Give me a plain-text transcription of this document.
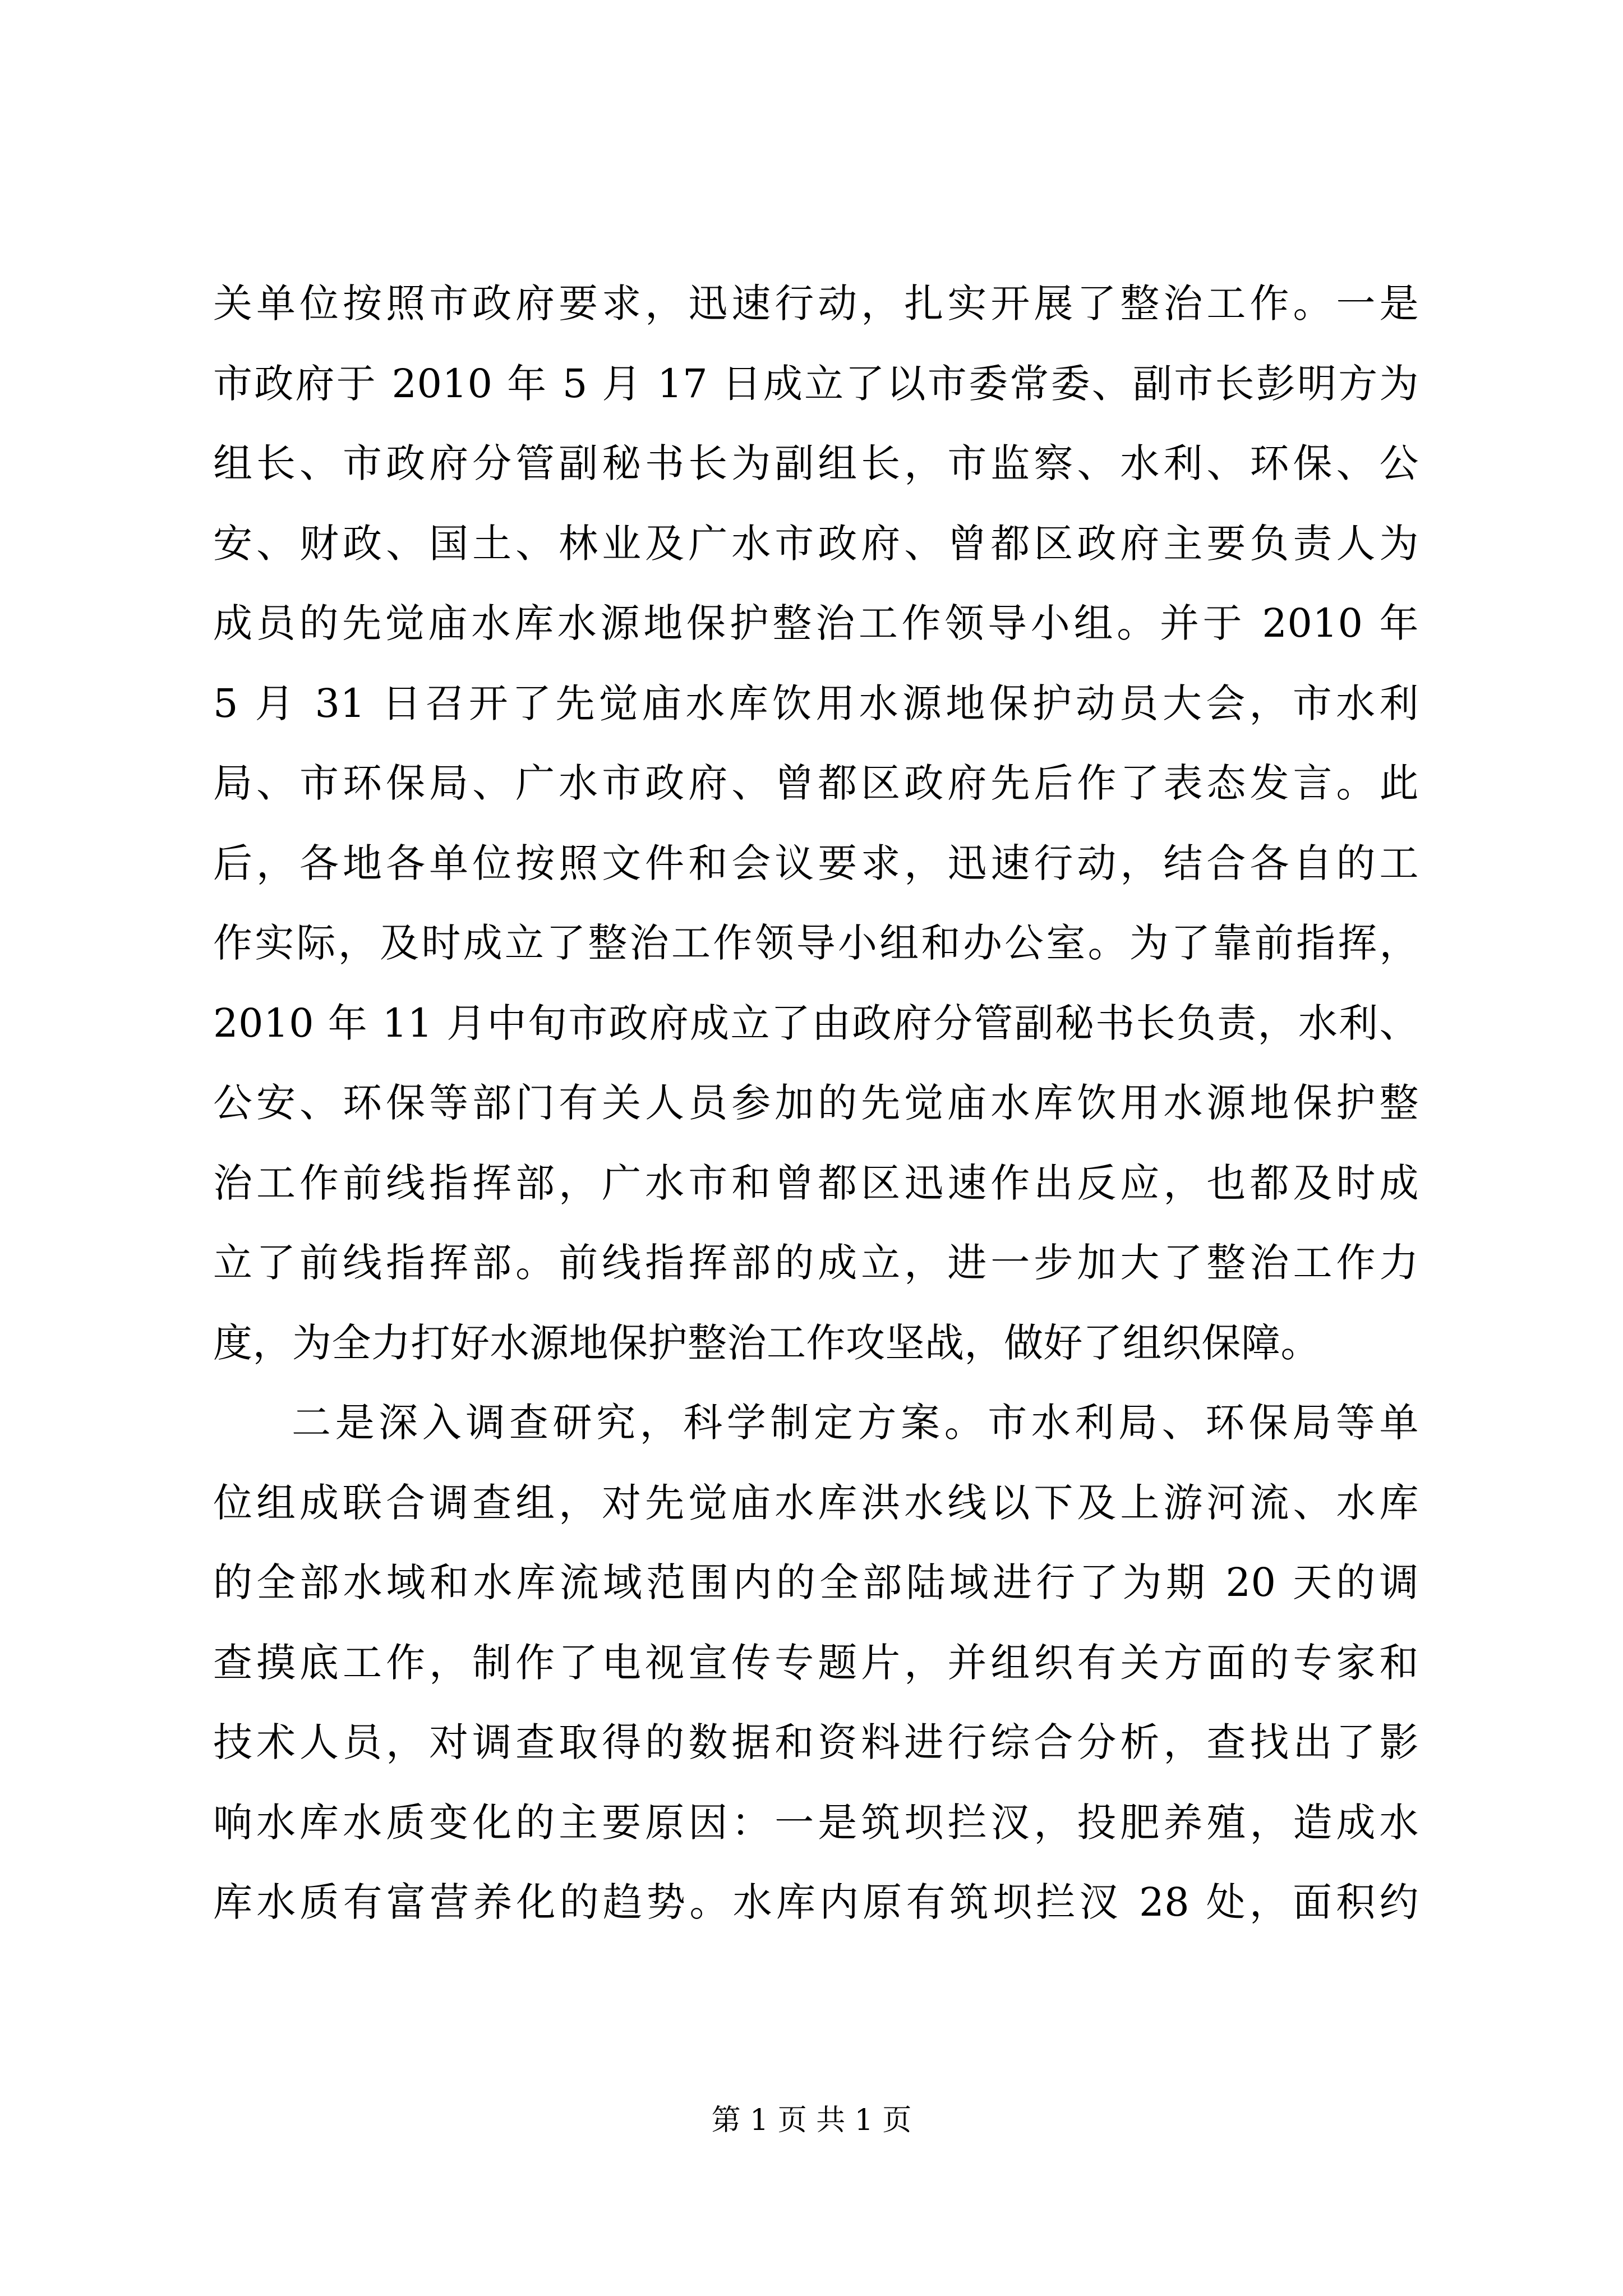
关单位按照市政府要求，迅速行动，扎实开展了整治工作。一是
市政府于 2010 年 5 月 17 日成立了以市委常委、副市长彭明方为
组长、市政府分管副秘书长为副组长，市监察、水利、环保、公
安、财政、国土、林业及广水市政府、曾都区政府主要负责人为
成员的先觉庙水库水源地保护整治工作领导小组。并于 2010 年
5 月 31 日召开了先觉庙水库饮用水源地保护动员大会，市水利
局、市环保局、广水市政府、曾都区政府先后作了表态发言。此
后，各地各单位按照文件和会议要求，迅速行动，结合各自的工
作实际，及时成立了整治工作领导小组和办公室。为了靠前指挥，
2010 年 11 月中旬市政府成立了由政府分管副秘书长负责，水利、
公安、环保等部门有关人员参加的先觉庙水库饮用水源地保护整
治工作前线指挥部，广水市和曾都区迅速作出反应，也都及时成
立了前线指挥部。前线指挥部的成立，进一步加大了整治工作力
度，为全力打好水源地保护整治工作攻坚战，做好了组织保障。
二是深入调查研究，科学制定方案。市水利局、环保局等单
位组成联合调查组，对先觉庙水库洪水线以下及上游河流、水库
的全部水域和水库流域范围内的全部陆域进行了为期 20 天的调
查摸底工作，制作了电视宣传专题片，并组织有关方面的专家和
技术人员，对调查取得的数据和资料进行综合分析，查找出了影
响水库水质变化的主要原因：一是筑坝拦汊，投肥养殖，造成水
库水质有富营养化的趋势。水库内原有筑坝拦汊 28 处，面积约
第 1 页 共 1 页
